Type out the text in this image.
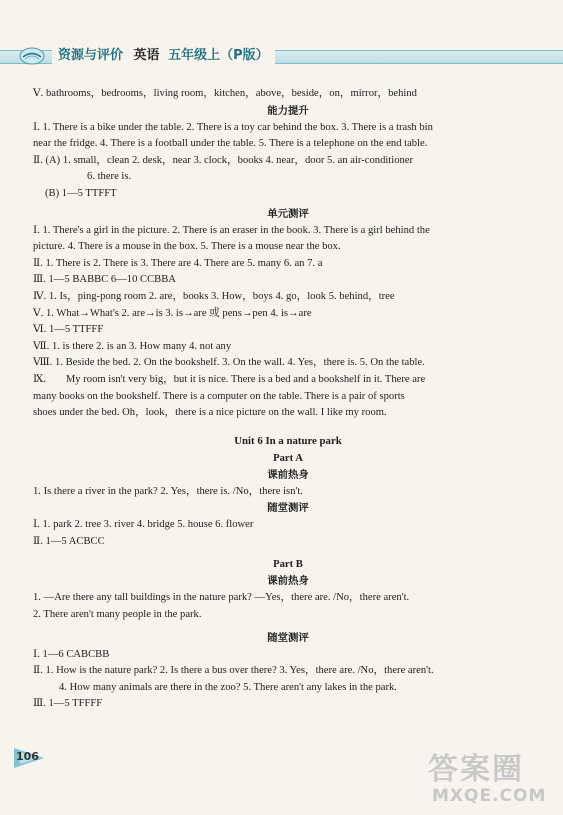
资源与评价 英语 五年级上（P版）
Ⅴ. bathrooms，bedrooms，living room，kitchen，above，beside，on，mirror，behind
能力提升
Ⅰ. 1. There is a bike under the table. 2. There is a toy car behind the box. 3. There is a trash bin
near the fridge. 4. There is a football under the table. 5. There is a telephone on the end table.
Ⅱ. (A) 1. small，clean 2. desk，near 3. clock，books 4. near，door 5. an air-conditioner
6. there is.
(B) 1—5 TTFFT
单元测评
Ⅰ. 1. There's a girl in the picture. 2. There is an eraser in the book. 3. There is a girl behind the
picture. 4. There is a mouse in the box. 5. There is a mouse near the box.
Ⅱ. 1. There is 2. There is 3. There are 4. There are 5. many 6. an 7. a
Ⅲ. 1—5 BABBC 6—10 CCBBA
Ⅳ. 1. Is，ping-pong room 2. are，books 3. How，boys 4. go，look 5. behind，tree
Ⅴ. 1. What→What's 2. are→is 3. is→are 或 pens→pen 4. is→are
Ⅵ. 1—5 TTFFF
Ⅶ. 1. is there 2. is an 3. How many 4. not any
Ⅷ. 1. Beside the bed. 2. On the bookshelf. 3. On the wall. 4. Yes，there is. 5. On the table.
Ⅸ. My room isn't very big，but it is nice. There is a bed and a bookshelf in it. There are
many books on the bookshelf. There is a computer on the table. There is a pair of sports
shoes under the bed. Oh，look，there is a nice picture on the wall. I like my room.
Unit 6 In a nature park
Part A
课前热身
1. Is there a river in the park? 2. Yes，there is. /No，there isn't.
随堂测评
Ⅰ. 1. park 2. tree 3. river 4. bridge 5. house 6. flower
Ⅱ. 1—5 ACBCC
Part B
课前热身
1. —Are there any tall buildings in the nature park? —Yes，there are. /No，there aren't.
2. There aren't many people in the park.
随堂测评
Ⅰ. 1—6 CABCBB
Ⅱ. 1. How is the nature park? 2. Is there a bus over there? 3. Yes，there are. /No，there aren't.
4. How many animals are there in the zoo? 5. There aren't any lakes in the park.
Ⅲ. 1—5 TFFFF
106	答案圈
MXQE.COM
